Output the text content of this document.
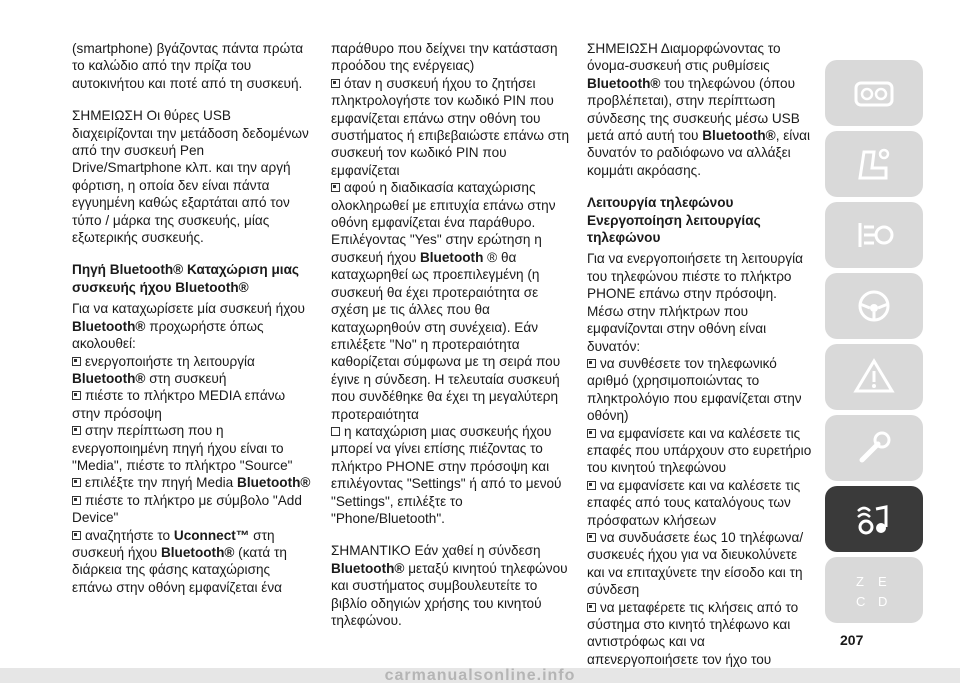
(smartphone) βγάζοντας πάντα πρώτα το καλώδιο από την πρίζα του αυτοκινήτου και ποτέ από τη συσκευή.

ΣΗΜΕΙΩΣΗ Οι θύρες USB διαχειρίζονται την μετάδοση δεδομένων από την συσκευή Pen Drive/Smartphone κλπ. και την αργή φόρτιση, η οποία δεν είναι πάντα εγγυημένη καθώς εξαρτάται από τον τύπο / μάρκα της συσκευής, μίας εξωτερικής συσκευής.

Πηγή Bluetooth® Καταχώριση μιας συσκευής ήχου Bluetooth®

Για να καταχωρίσετε μία συσκευή ήχου Bluetooth® προχωρήστε όπως ακολουθεί:

ενεργοποιήστε τη λειτουργία Bluetooth® στη συσκευή

πιέστε το πλήκτρο MEDIA επάνω στην πρόσοψη

στην περίπτωση που η ενεργοποιημένη πηγή ήχου είναι το "Media", πιέστε το πλήκτρο "Source"

επιλέξτε την πηγή Media Bluetooth®

πιέστε το πλήκτρο με σύμβολο "Add Device"

αναζητήστε το Uconnect™ στη συσκευή ήχου Bluetooth® (κατά τη διάρκεια της φάσης καταχώρισης επάνω στην οθόνη εμφανίζεται ένα

παράθυρο που δείχνει την κατάσταση προόδου της ενέργειας)

όταν η συσκευή ήχου το ζητήσει πληκτρολογήστε τον κωδικό PIN που εμφανίζεται επάνω στην οθόνη του συστήματος ή επιβεβαιώστε επάνω στη συσκευή τον κωδικό PIN που εμφανίζεται

αφού η διαδικασία καταχώρισης ολοκληρωθεί με επιτυχία επάνω στην οθόνη εμφανίζεται ένα παράθυρο. Επιλέγοντας "Yes" στην ερώτηση η συσκευή ήχου Bluetooth ® θα καταχωρηθεί ως προεπιλεγμένη (η συσκευή θα έχει προτεραιότητα σε σχέση με τις άλλες που θα καταχωρηθούν στη συνέχεια). Εάν επιλέξετε "No" η προτεραιότητα καθορίζεται σύμφωνα με τη σειρά που έγινε η σύνδεση. Η τελευταία συσκευή που συνδέθηκε θα έχει τη μεγαλύτερη προτεραιότητα

η καταχώριση μιας συσκευής ήχου μπορεί να γίνει επίσης πιέζοντας το πλήκτρο PHONE στην πρόσοψη και επιλέγοντας "Settings" ή από το μενού "Settings", επιλέξτε το "Phone/Bluetooth".

ΣΗΜΑΝΤΙΚΟ Εάν χαθεί η σύνδεση Bluetooth® μεταξύ κινητού τηλεφώνου και συστήματος συμβουλευτείτε το βιβλίο οδηγιών χρήσης του κινητού τηλεφώνου.

ΣΗΜΕΙΩΣΗ Διαμορφώνοντας το όνομα-συσκευή στις ρυθμίσεις Bluetooth® του τηλεφώνου (όπου προβλέπεται), στην περίπτωση σύνδεσης της συσκευής μέσω USB μετά από αυτή του Bluetooth®, είναι δυνατόν το ραδιόφωνο να αλλάξει κομμάτι ακρόασης.

Λειτουργία τηλεφώνου Ενεργοποίηση λειτουργίας τηλεφώνου

Για να ενεργοποιήσετε τη λειτουργία του τηλεφώνου πιέστε το πλήκτρο PHONE επάνω στην πρόσοψη. Μέσω στην πλήκτρων που εμφανίζονται στην οθόνη είναι δυνατόν:

να συνθέσετε τον τηλεφωνικό αριθμό (χρησιμοποιώντας το πληκτρολόγιο που εμφανίζεται στην οθόνη)

να εμφανίσετε και να καλέσετε τις επαφές που υπάρχουν στο ευρετήριο του κινητού τηλεφώνου

να εμφανίσετε και να καλέσετε τις επαφές από τους καταλόγους των πρόσφατων κλήσεων

να συνδυάσετε έως 10 τηλέφωνα/συσκευές ήχου για να διευκολύνετε και να επιταχύνετε την είσοδο και τη σύνδεση

να μεταφέρετε τις κλήσεις από το σύστημα στο κινητό τηλέφωνο και αντιστρόφως και να απενεργοποιήσετε τον ήχο του

Z E
C D
207
carmanualsonline.info
